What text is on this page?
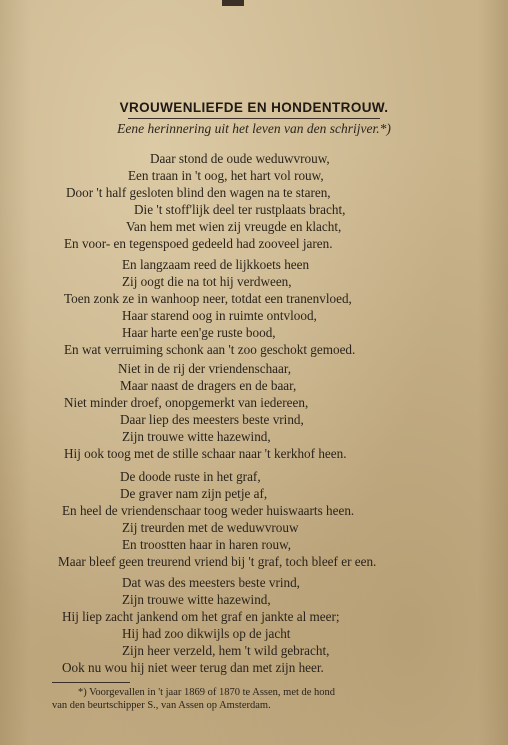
VROUWENLIEFDE EN HONDENTROUW.
Eene herinnering uit het leven van den schrijver.*)
Daar stond de oude weduwvrouw,
Een traan in 't oog, het hart vol rouw,
Door 't half gesloten blind den wagen na te staren,
Die 't stoff'lijk deel ter rustplaats bracht,
Van hem met wien zij vreugde en klacht,
En voor- en tegenspoed gedeeld had zooveel jaren.
En langzaam reed de lijkkoets heen
Zij oogt die na tot hij verdween,
Toen zonk ze in wanhoop neer, totdat een tranenvloed,
Haar starend oog in ruimte ontvlood,
Haar harte een'ge ruste bood,
En wat verruiming schonk aan 't zoo geschokt gemoed.
Niet in de rij der vriendenschaar,
Maar naast de dragers en de baar,
Niet minder droef, onopgemerkt van iedereen,
Daar liep des meesters beste vrind,
Zijn trouwe witte hazewind,
Hij ook toog met de stille schaar naar 't kerkhof heen.
De doode ruste in het graf,
De graver nam zijn petje af,
En heel de vriendenschaar toog weder huiswaarts heen.
Zij treurden met de weduwvrouw
En troostten haar in haren rouw,
Maar bleef geen treurend vriend bij 't graf, toch bleef er een.
Dat was des meesters beste vrind,
Zijn trouwe witte hazewind,
Hij liep zacht jankend om het graf en jankte al meer;
Hij had zoo dikwijls op de jacht
Zijn heer verzeld, hem 't wild gebracht,
Ook nu wou hij niet weer terug dan met zijn heer.
*) Voorgevallen in 't jaar 1869 of 1870 te Assen, met de hond
van den beurtschipper S., van Assen op Amsterdam.
